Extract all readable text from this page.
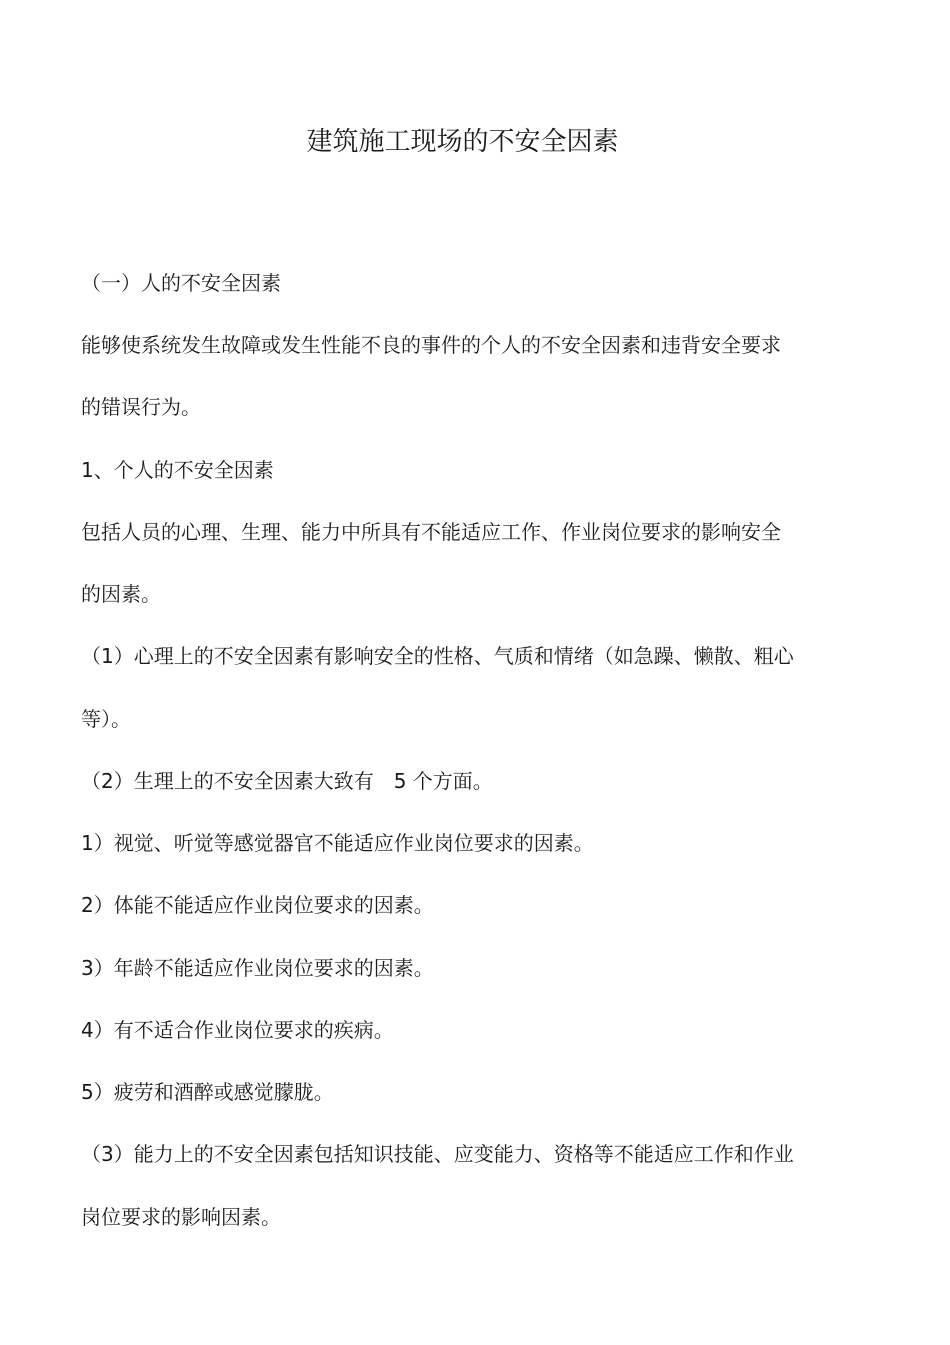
建筑施工现场的不安全因素
（一）人的不安全因素
能够使系统发生故障或发生性能不良的事件的个人的不安全因素和违背安全要求
的错误行为。
1、个人的不安全因素
包括人员的心理、生理、能力中所具有不能适应工作、作业岗位要求的影响安全
的因素。
（1）心理上的不安全因素有影响安全的性格、气质和情绪（如急躁、懒散、粗心
等）。
（2）生理上的不安全因素大致有　5 个方面。
1）视觉、听觉等感觉器官不能适应作业岗位要求的因素。
2）体能不能适应作业岗位要求的因素。
3）年龄不能适应作业岗位要求的因素。
4）有不适合作业岗位要求的疾病。
5）疲劳和酒醉或感觉朦胧。
（3）能力上的不安全因素包括知识技能、应变能力、资格等不能适应工作和作业
岗位要求的影响因素。
